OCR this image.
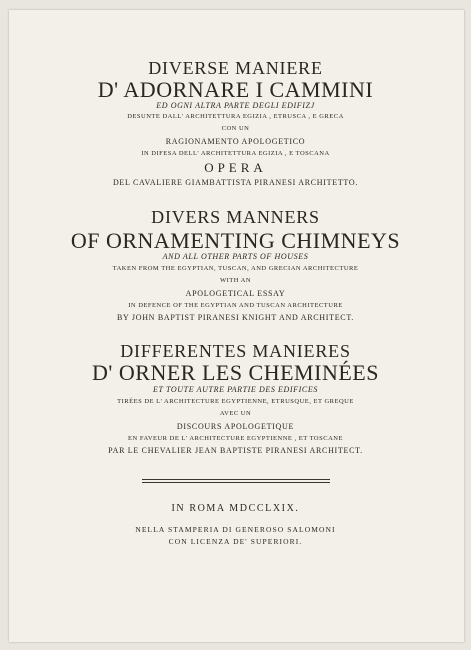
DIVERSE MANIERE
D' ADORNARE I CAMMINI
ED OGNI ALTRA PARTE DEGLI EDIFIZJ
DESUNTE DALL' ARCHITETTURA EGIZIA , ETRUSCA , E GRECA
CON UN
RAGIONAMENTO APOLOGETICO
IN DIFESA DELL' ARCHITETTURA EGIZIA , E TOSCANA
OPERA
DEL CAVALIERE GIAMBATTISTA PIRANESI ARCHITETTO.
DIVERS MANNERS
OF ORNAMENTING CHIMNEYS
AND ALL OTHER PARTS OF HOUSES
TAKEN FROM THE EGYPTIAN, TUSCAN, AND GRECIAN ARCHITECTURE
WITH AN
APOLOGETICAL ESSAY
IN DEFENCE OF THE EGYPTIAN AND TUSCAN ARCHITECTURE
BY JOHN BAPTIST PIRANESI KNIGHT AND ARCHITECT.
DIFFERENTES MANIERES
D' ORNER LES CHEMINÉES
ET TOUTE AUTRE PARTIE DES EDIFICES
TIRÉES DE L' ARCHITECTURE EGYPTIENNE, ETRUSQUE, ET GREQUE
AVEC UN
DISCOURS APOLOGETIQUE
EN FAVEUR DE L' ARCHITECTURE EGYPTIENNE , ET TOSCANE
PAR LE CHEVALIER JEAN BAPTISTE PIRANESI ARCHITECT.
IN ROMA MDCCLXIX.
NELLA STAMPERIA DI GENEROSO SALOMONI
CON LICENZA DE' SUPERIORI.
